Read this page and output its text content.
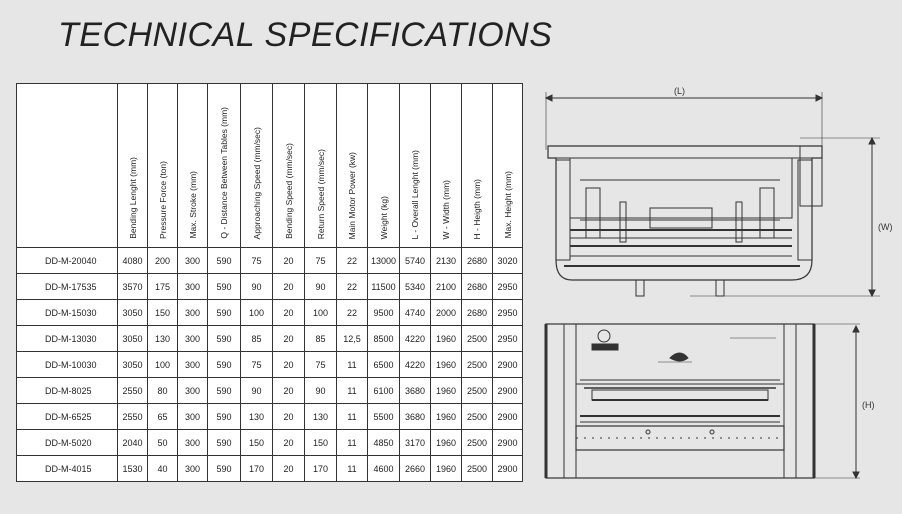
TECHNICAL SPECIFICATIONS
	Bending Lenght (mm)	Pressure Force (ton)	Max. Stroke (mm)	Q - Distance Between Tables (mm)	Approaching Speed (mm/sec)	Bending Speed (mm/sec)	Return Speed (mm/sec)	Main Motor Power (kw)	Weight (kg)	L - Overall Lenght (mm)	W - Width (mm)	H - Heigth (mm)	Max. Height (mm)
DD-M-20040	4080	200	300	590	75	20	75	22	13000	5740	2130	2680	3020
DD-M-17535	3570	175	300	590	90	20	90	22	11500	5340	2100	2680	2950
DD-M-15030	3050	150	300	590	100	20	100	22	9500	4740	2000	2680	2950
DD-M-13030	3050	130	300	590	85	20	85	12,5	8500	4220	1960	2500	2950
DD-M-10030	3050	100	300	590	75	20	75	11	6500	4220	1960	2500	2900
DD-M-8025	2550	80	300	590	90	20	90	11	6100	3680	1960	2500	2900
DD-M-6525	2550	65	300	590	130	20	130	11	5500	3680	1960	2500	2900
DD-M-5020	2040	50	300	590	150	20	150	11	4850	3170	1960	2500	2900
DD-M-4015	1530	40	300	590	170	20	170	11	4600	2660	1960	2500	2900
(L)
(W)
(H)
